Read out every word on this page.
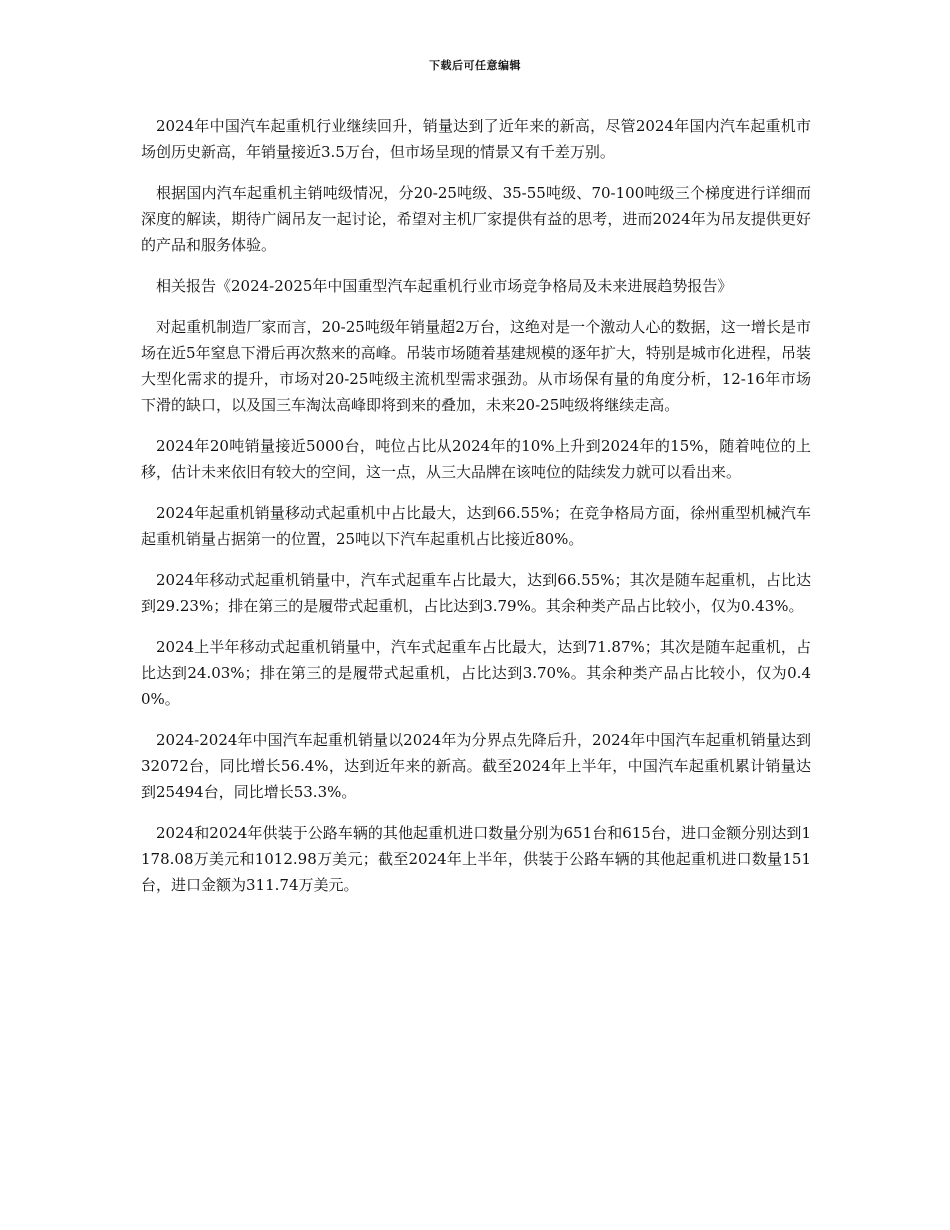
下载后可任意编辑

2024年中国汽车起重机行业继续回升，销量达到了近年来的新高，尽管2024年国内汽车起重机市场创历史新高，年销量接近3.5万台，但市场呈现的情景又有千差万别。

根据国内汽车起重机主销吨级情况，分20-25吨级、35-55吨级、70-100吨级三个梯度进行详细而深度的解读，期待广阔吊友一起讨论，希望对主机厂家提供有益的思考，进而2024年为吊友提供更好的产品和服务体验。

相关报告《2024-2025年中国重型汽车起重机行业市场竞争格局及未来进展趋势报告》

对起重机制造厂家而言，20-25吨级年销量超2万台，这绝对是一个激动人心的数据，这一增长是市场在近5年窒息下滑后再次熬来的高峰。吊装市场随着基建规模的逐年扩大，特别是城市化进程，吊装大型化需求的提升，市场对20-25吨级主流机型需求强劲。从市场保有量的角度分析，12-16年市场下滑的缺口，以及国三车淘汰高峰即将到来的叠加，未来20-25吨级将继续走高。

2024年20吨销量接近5000台，吨位占比从2024年的10%上升到2024年的15%，随着吨位的上移，估计未来依旧有较大的空间，这一点，从三大品牌在该吨位的陆续发力就可以看出来。

2024年起重机销量移动式起重机中占比最大，达到66.55%；在竞争格局方面，徐州重型机械汽车起重机销量占据第一的位置，25吨以下汽车起重机占比接近80%。

2024年移动式起重机销量中，汽车式起重车占比最大，达到66.55%；其次是随车起重机，占比达到29.23%；排在第三的是履带式起重机，占比达到3.79%。其余种类产品占比较小，仅为0.43%。

2024上半年移动式起重机销量中，汽车式起重车占比最大，达到71.87%；其次是随车起重机，占比达到24.03%；排在第三的是履带式起重机，占比达到3.70%。其余种类产品占比较小，仅为0.40%。

2024-2024年中国汽车起重机销量以2024年为分界点先降后升，2024年中国汽车起重机销量达到32072台，同比增长56.4%，达到近年来的新高。截至2024年上半年，中国汽车起重机累计销量达到25494台，同比增长53.3%。

2024和2024年供装于公路车辆的其他起重机进口数量分别为651台和615台，进口金额分别达到1178.08万美元和1012.98万美元；截至2024年上半年，供装于公路车辆的其他起重机进口数量151台，进口金额为311.74万美元。
